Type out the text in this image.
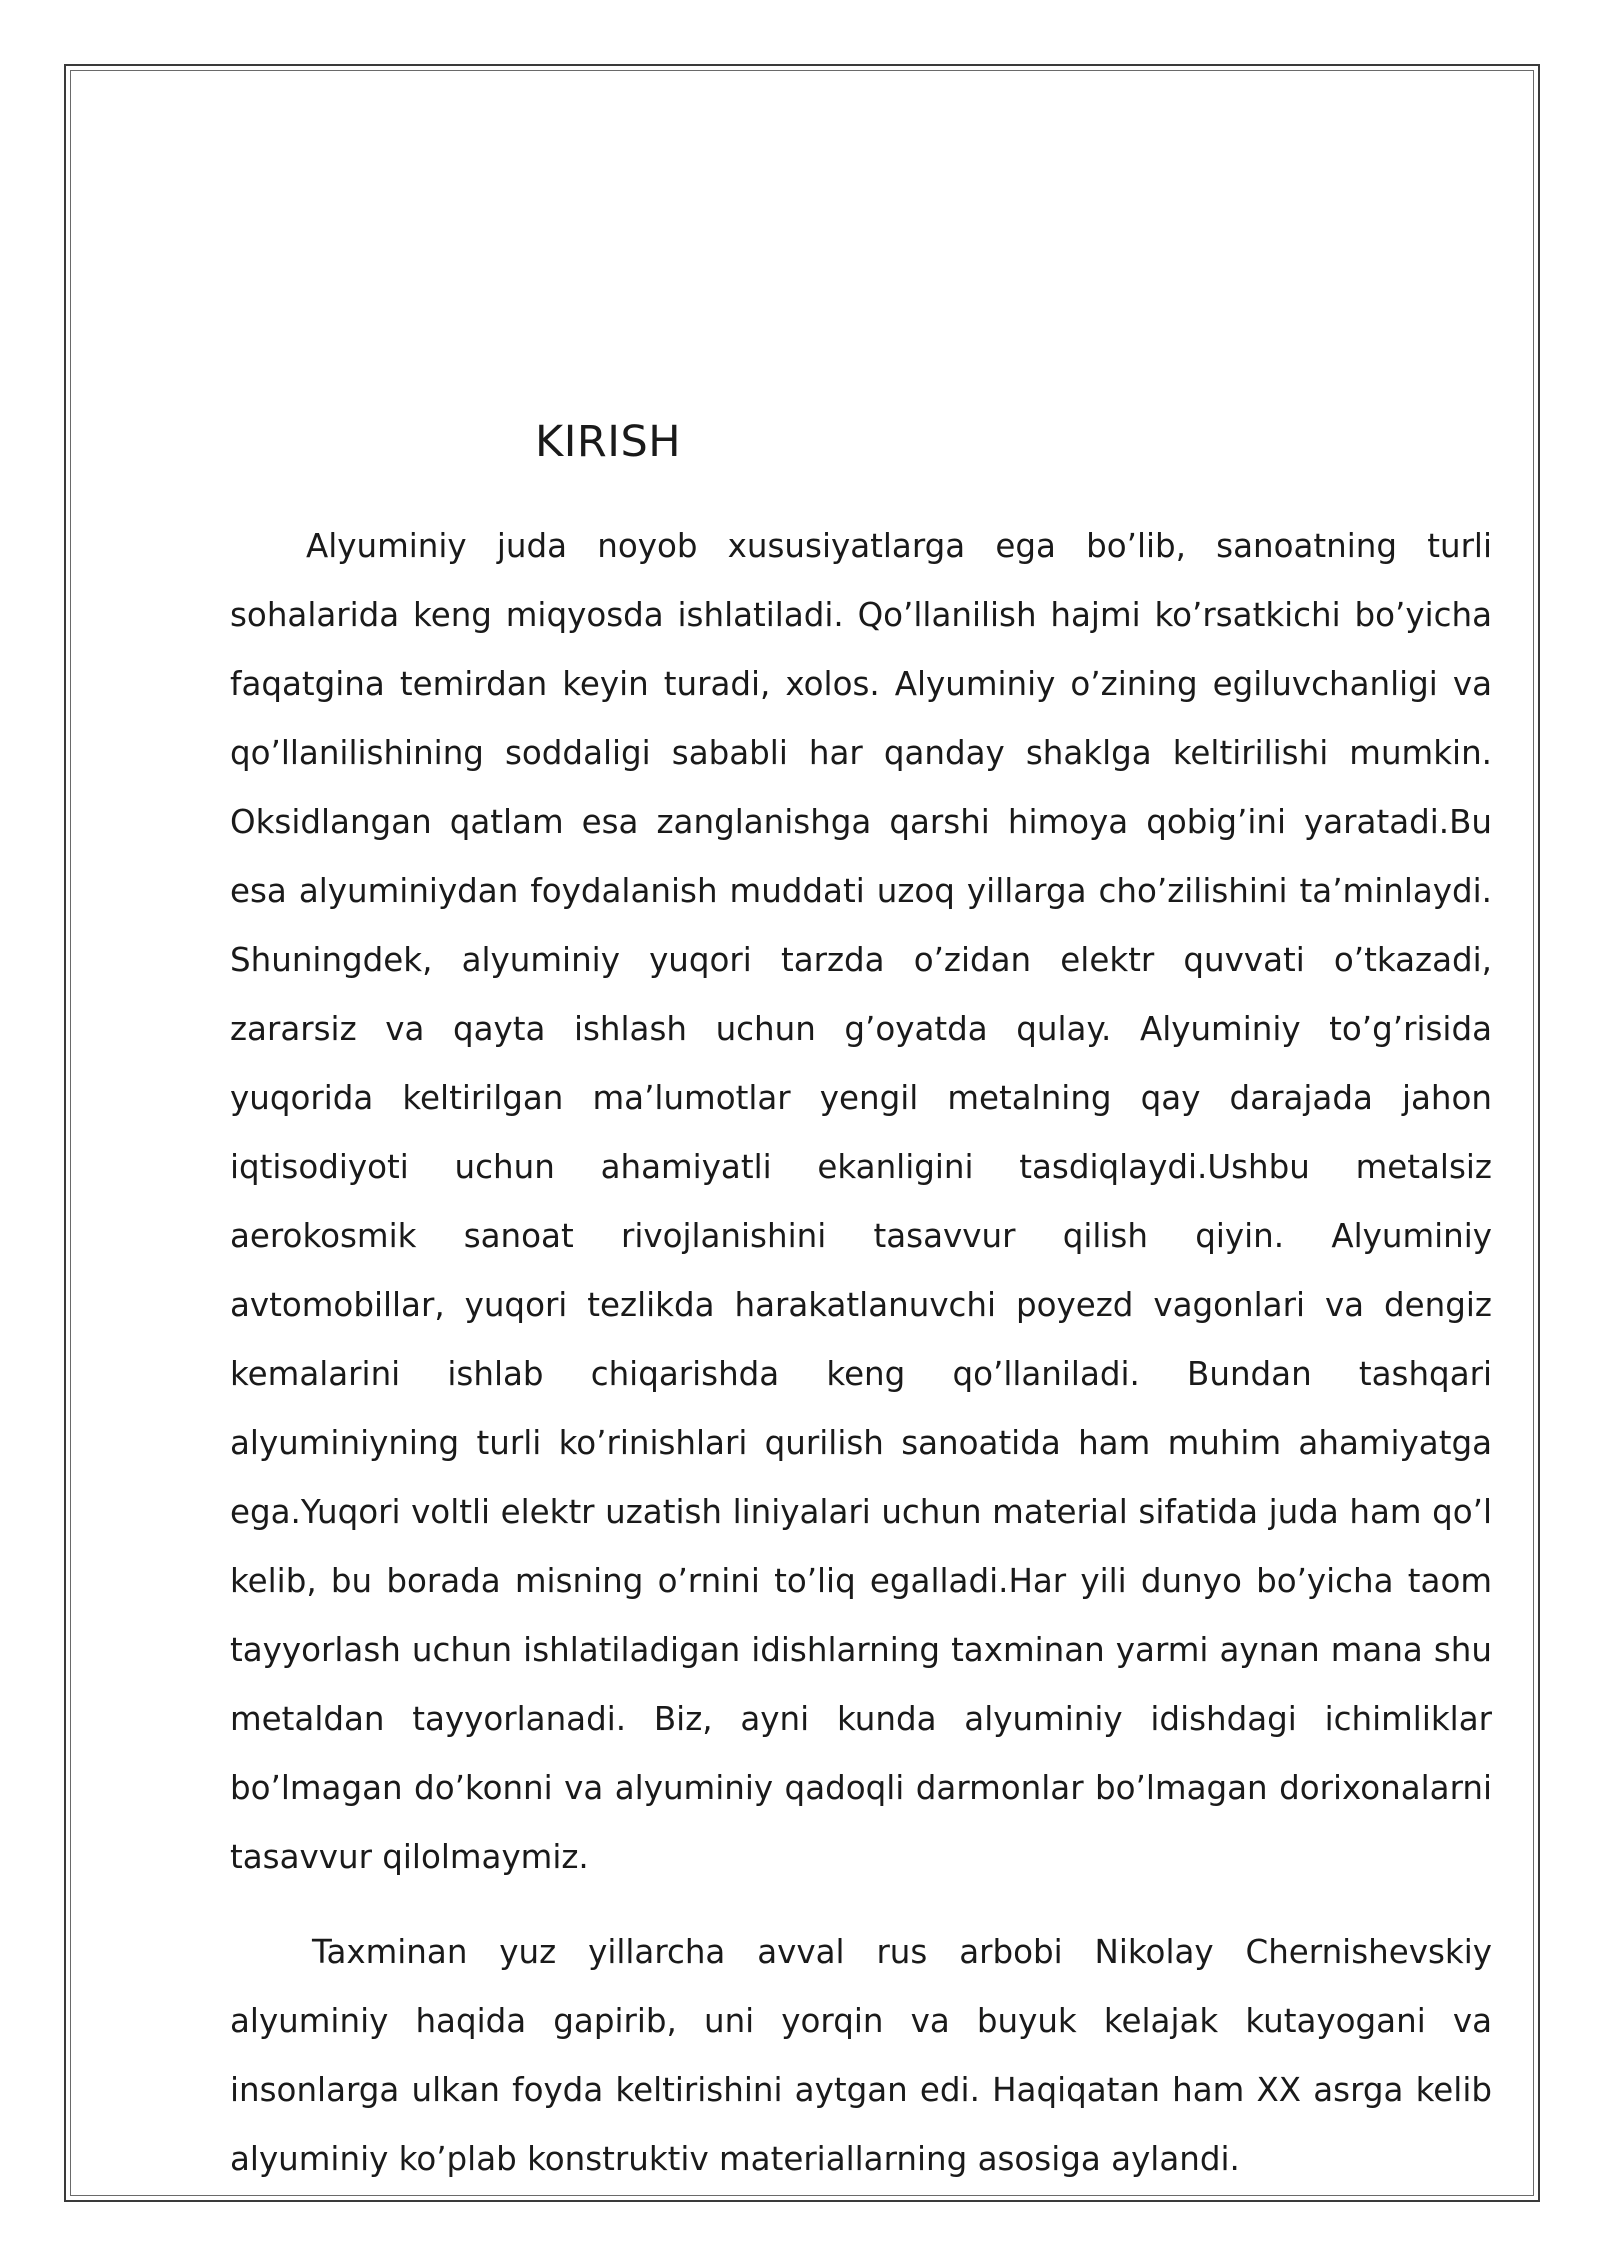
KIRISH

Alyuminiy juda noyob xususiyatlarga ega bo’lib, sanoatning turli sohalarida keng miqyosda ishlatiladi. Qo’llanilish hajmi ko’rsatkichi bo’yicha faqatgina temirdan keyin turadi, xolos. Alyuminiy o’zining egiluvchanligi va qo’llanilishining soddaligi sababli har qanday shaklga keltirilishi mumkin. Oksidlangan qatlam esa zanglanishga qarshi himoya qobig’ini yaratadi.Bu esa alyuminiydan foydalanish muddati uzoq yillarga cho’zilishini ta’minlaydi. Shuningdek, alyuminiy yuqori tarzda o’zidan elektr quvvati o’tkazadi, zararsiz va qayta ishlash uchun g’oyatda qulay. Alyuminiy to’g’risida yuqorida keltirilgan ma’lumotlar yengil metalning qay darajada jahon iqtisodiyoti uchun ahamiyatli ekanligini tasdiqlaydi.Ushbu metalsiz aerokosmik sanoat rivojlanishini tasavvur qilish qiyin. Alyuminiy avtomobillar, yuqori tezlikda harakatlanuvchi poyezd vagonlari va dengiz kemalarini ishlab chiqarishda keng qo’llaniladi. Bundan tashqari alyuminiyning turli ko’rinishlari qurilish sanoatida ham muhim ahamiyatga ega.Yuqori voltli elektr uzatish liniyalari uchun material sifatida juda ham qo’l kelib, bu borada misning o’rnini to’liq egalladi.Har yili dunyo bo’yicha taom tayyorlash uchun ishlatiladigan idishlarning taxminan yarmi aynan mana shu metaldan tayyorlanadi. Biz, ayni kunda alyuminiy idishdagi ichimliklar bo’lmagan do’konni va alyuminiy qadoqli darmonlar bo’lmagan dorixonalarni tasavvur qilolmaymiz.

Taxminan yuz yillarcha avval rus arbobi Nikolay Chernishevskiy alyuminiy haqida gapirib, uni yorqin va buyuk kelajak kutayogani va insonlarga ulkan foyda keltirishini aytgan edi. Haqiqatan ham XX asrga kelib alyuminiy ko’plab konstruktiv materiallarning asosiga aylandi.
